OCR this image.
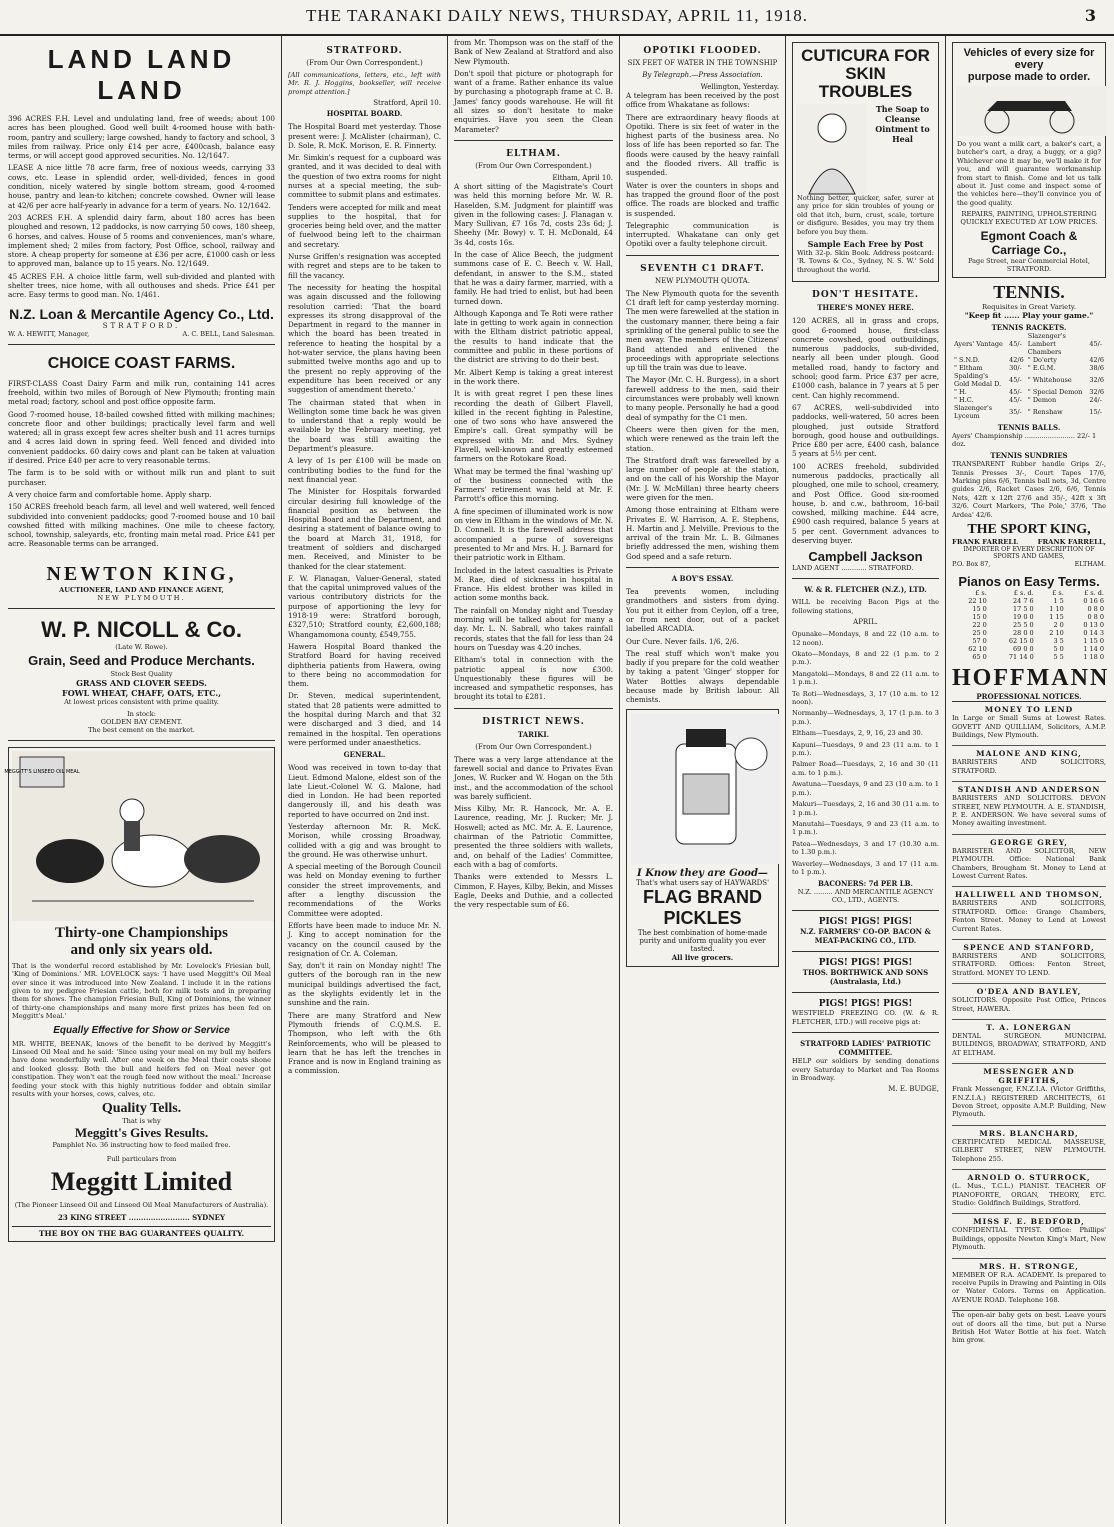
THE TARANAKI DAILY NEWS, THURSDAY, APRIL 11, 1918.	3
LAND LAND LAND

396 ACRES F.H. Level and undulating land, free of weeds; about 100 acres has been ploughed. Good well built 4-roomed house with bath-room, pantry and scullery; large cowshed, handy to factory and school, 3 miles from railway. Price only £14 per acre, £400cash, balance easy terms, or will accept good approved securities. No. 12/1647.

LEASE A nice little 78 acre farm, free of noxious weeds, carrying 33 cows, etc. Lease in splendid order, well-divided, fences in good condition, nicely watered by single bottom stream, good 4-roomed house, pantry and lean-to kitchen; concrete cowshed. Owner will lease at 42/6 per acre half-yearly in advance for a term of years. No. 12/1642.

203 ACRES F.H. A splendid dairy farm, about 180 acres has been ploughed and resown, 12 paddocks, is now carrying 50 cows, 180 sheep, 6 horses, and calves. House of 5 rooms and conveniences, man's whare, implement shed; 2 miles from factory, Post Office, school, railway and store. A cheap property for someone at £36 per acre, £1000 cash or less to approved man, balance up to 15 years. No. 12/1649.

45 ACRES F.H. A choice little farm, well sub-divided and planted with shelter trees, nice home, with all outhouses and sheds. Price £41 per acre. Easy terms to good man. No. 1/461.

N.Z. Loan & Mercantile Agency Co., Ltd.
STRATFORD.
W. A. HEWITT, Manager,	A. C. BELL, Land Salesman.
CHOICE COAST FARMS.

FIRST-CLASS Coast Dairy Farm and milk run, containing 141 acres freehold, within two miles of Borough of New Plymouth; fronting main metal road; factory, school and post office opposite farm.

Good 7-roomed house, 18-bailed cowshed fitted with milking machines; concrete floor and other buildings; practically level farm and well watered; all in grass except few acres shelter bush and 11 acres turnips and 4 acres laid down in spring feed. Well fenced and divided into convenient paddocks. 60 dairy cows and plant can be taken at valuation if desired. Price £40 per acre to very reasonable terms.

The farm is to be sold with or without milk run and plant to suit purchaser.

A very choice farm and comfortable home. Apply sharp.

150 ACRES freehold beach farm, all level and well watered, well fenced subdivided into convenient paddocks; good 7-roomed house and 10 bail cowshed fitted with milking machines. One mile to cheese factory, school, township, saleyards, etc, fronting main metal road. Price £41 per acre. Reasonable terms can be arranged.

NEWTON KING,
AUCTIONEER, LAND AND FINANCE AGENT,
NEW PLYMOUTH.
W. P. NICOLL & Co.
(Late W. Rowe).
Grain, Seed and Produce Merchants.
Stock Best Quality
GRASS AND CLOVER SEEDS.
FOWL WHEAT, CHAFF, OATS, ETC.,
At lowest prices consistent with prime quality.
In stock:
GOLDEN BAY CEMENT.
The best cement on the market.
MEGGITT'S LINSEED OIL MEAL
Thirty-one Championships
and only six years old.

That is the wonderful record established by Mr. Lovelock's Friesian bull, 'King of Dominions.' MR. LOVELOCK says: 'I have used Meggitt's Oil Meal ever since it was introduced into New Zealand. I include it in the rations given to my pedigree Friesian cattle, both for milk tests and in preparing them for shows. The champion Friesian Bull, King of Dominions, the winner of thirty-one championships and many more first prizes has been fed on Meggitt's Meal.'

Equally Effective for Show or Service

MR. WHITE, BEENAK, knows of the benefit to be derived by Meggitt's Linseed Oil Meal and he said: 'Since using your meal on my bull my heifers have done wonderfully well. After one week on the Meal their coats shone and looked glossy. Both the bull and heifers fed on Meal never got constipation. They won't eat the rough feed now without the meal.' Increase feeding your stock with this highly nutritious fodder and obtain similar results with your horses, cows, calves, etc.

Quality Tells.
That is why
Meggitt's Gives Results.
Pamphlet No. 36 instructing how to feed mailed free.
Full particulars from
Meggitt Limited
(The Pioneer Linseed Oil and Linseed Oil Meal Manufacturers of Australia).
23 KING STREET ......................... SYDNEY
THE BOY ON THE BAG GUARANTEES QUALITY.
STRATFORD.
(From Our Own Correspondent.)

[All communications, letters, etc., left with Mr. R. J. Hoggins, bookseller, will receive prompt attention.]

Stratford, April 10.
HOSPITAL BOARD.

The Hospital Board met yesterday. Those present were: J. McAlister (chairman), C. D. Sole, R. McK. Morison, E. R. Finnerty.

Mr. Simkin's request for a cupboard was granted, and it was decided to deal with the question of two extra rooms for night nurses at a special meeting, the sub-committee to submit plans and estimates.

Tenders were accepted for milk and meat supplies to the hospital, that for groceries being held over, and the matter of fuelwood being left to the chairman and secretary.

Nurse Griffen's resignation was accepted with regret and steps are to be taken to fill the vacancy.

The necessity for heating the hospital was again discussed and the following resolution carried: 'That the board expresses its strong disapproval of the Department in regard to the manner in which the board has been treated in reference to heating the hospital by a hot-water service, the plans having been submitted twelve months ago and up to the present no reply approving of the expenditure has been received or any suggestion of amendment thereto.'

The chairman stated that when in Wellington some time back he was given to understand that a reply would be available by the February meeting, yet the board was still awaiting the Department's pleasure.

A levy of 1s per £100 will be made on contributing bodies to the fund for the next financial year.

The Minister for Hospitals forwarded circular desiring full knowledge of the financial position as between the Hospital Board and the Department, and desiring a statement of balance owing to the board at March 31, 1918, for treatment of soldiers and discharged men. Received, and Minister to be thanked for the clear statement.

F. W. Flanagan, Valuer-General, stated that the capital unimproved values of the various contributory districts for the purpose of apportioning the levy for 1918-19 were: Stratford borough, £327,510; Stratford county, £2,600,188; Whangamomona county, £549,755.

Hawera Hospital Board thanked the Stratford Board for having received diphtheria patients from Hawera, owing to there being no accommodation for them.

Dr. Steven, medical superintendent, stated that 28 patients were admitted to the hospital during March and that 32 were discharged and 3 died, and 14 remained in the hospital. Ten operations were performed under anaesthetics.

GENERAL.

Wood was received in town to-day that Lieut. Edmond Malone, eldest son of the late Lieut.-Colonel W. G. Malone, had died in London. He had been reported dangerously ill, and his death was reported to have occurred on 2nd inst.

Yesterday afternoon Mr. R. McK. Morison, while crossing Broadway, collided with a gig and was brought to the ground. He was otherwise unhurt.

A special meeting of the Borough Council was held on Monday evening to further consider the street improvements, and after a lengthy discussion the recommendations of the Works Committee were adopted.

Efforts have been made to induce Mr. N. J. King to accept nomination for the vacancy on the council caused by the resignation of Cr. A. Coleman.

Say, don't it rain on Monday night! The gutters of the borough ran in the new municipal buildings advertised the fact, as the skylights evidently let in the sunshine and the rain.

There are many Stratford and New Plymouth friends of C.Q.M.S. E. Thompson, who left with the 6th Reinforcements, who will be pleased to learn that he has left the trenches in France and is now in England training as a commission.

from Mr. Thompson was on the staff of the Bank of New Zealand at Stratford and also New Plymouth.

Don't spoil that picture or photograph for want of a frame. Rather enhance its value by purchasing a photograph frame at C. B. James' fancy goods warehouse. He will fit all sizes so don't hesitate to make enquiries. Have you seen the Clean Marameter?

ELTHAM.
(From Our Own Correspondent.)
Eltham, April 10.

A short sitting of the Magistrate's Court was held this morning before Mr. W. R. Haselden, S.M. Judgment for plaintiff was given in the following cases: J. Flanagan v. Mary Sullivan, £7 16s 7d, costs 23s 6d; J. Sheehy (Mr. Bowy) v. T. H. McDonald, £4 3s 4d, costs 16s.

In the case of Alice Beech, the judgment summons case of E. C. Beech v. W. Hall, defendant, in answer to the S.M., stated that he was a dairy farmer, married, with a family. He had tried to enlist, but had been turned down.

Although Kaponga and Te Roti were rather late in getting to work again in connection with the Eltham district patriotic appeal, the results to hand indicate that the committee and public in these portions of the district are striving to do their best.

Mr. Albert Kemp is taking a great interest in the work there.

It is with great regret I pen these lines recording the death of Gilbert Flavell, killed in the recent fighting in Palestine, one of two sons who have answered the Empire's call. Great sympathy will be expressed with Mr. and Mrs. Sydney Flavell, well-known and greatly esteemed farmers on the Rotokare Road.

What may be termed the final 'washing up' of the business connected with the Farmers' retirement was held at Mr. F. Parrott's office this morning.

A fine specimen of illuminated work is now on view in Eltham in the windows of Mr. N. D. Connell. It is the farewell address that accompanied a purse of sovereigns presented to Mr and Mrs. H. J. Barnard for their patriotic work in Eltham.

Included in the latest casualties is Private M. Rae, died of sickness in hospital in France. His eldest brother was killed in action some months back.

The rainfall on Monday night and Tuesday morning will be talked about for many a day. Mr. L. N. Sabrall, who takes rainfall records, states that the fall for less than 24 hours on Tuesday was 4.20 inches.

Eltham's total in connection with the patriotic appeal is now £300. Unquestionably these figures will be increased and sympathetic responses, has brought its total to £281.

DISTRICT NEWS.
TARIKI.
(From Our Own Correspondent.)

There was a very large attendance at the farewell social and dance to Privates Evan Jones, W. Rucker and W. Hogan on the 5th inst., and the accommodation of the school was barely sufficient.

Miss Kilby, Mr. R. Hancock, Mr. A. E. Laurence, reading, Mr. J. Rucker; Mr. J. Hoswell; acted as MC. Mr. A. E. Laurence, chairman of the Patriotic Committee, presented the three soldiers with wallets, and, on behalf of the Ladies' Committee, each with a bag of comforts.

Thanks were extended to Messrs L. Cimmon, F. Hayes, Kilby, Bekin, and Misses Eagle, Deeks and Duthie, and a collected the very respectable sum of £6.

OPOTIKI FLOODED.
SIX FEET OF WATER IN THE TOWNSHIP
By Telegraph.—Press Association.
Wellington, Yesterday.

A telegram has been received by the post office from Whakatane as follows:

There are extraordinary heavy floods at Opotiki. There is six feet of water in the highest parts of the business area. No loss of life has been reported so far. The floods were caused by the heavy rainfall and the flooded rivers. All traffic is suspended.

Water is over the counters in shops and has trapped the ground floor of the post office. The roads are blocked and traffic is suspended.

Telegraphic communication is interrupted. Whakatane can only get Opotiki over a faulty telephone circuit.

SEVENTH C1 DRAFT.
NEW PLYMOUTH QUOTA.

The New Plymouth quota for the seventh C1 draft left for camp yesterday morning. The men were farewelled at the station in the customary manner, there being a fair sprinkling of the general public to see the men away. The members of the Citizens' Band attended and enlivened the proceedings with appropriate selections up till the train was due to leave.

The Mayor (Mr. C. H. Burgess), in a short farewell address to the men, said their circumstances were probably well known to many people. Personally he had a good deal of sympathy for the C1 men.

Cheers were then given for the men, which were renewed as the train left the station.

The Stratford draft was farewelled by a large number of people at the station, and on the call of his Worship the Mayor (Mr. J. W. McMillan) three hearty cheers were given for the men.

Among those entraining at Eltham were Privates E. W. Harrison, A. E. Stephens, H. Martin and J. Melville. Previous to the arrival of the train Mr. L. B. Gilmanes briefly addressed the men, wishing them God speed and a safe return.

A BOY'S ESSAY.

Tea prevents women, including grandmothers and sisters from dying. You put it either from Ceylon, off a tree, or from next door, out of a packet labelled ARCADIA.

Our Cure. Never fails. 1/6, 2/6.

The real stuff which won't make you badly if you prepare for the cold weather by taking a patent 'Ginger' stopper for Water Bottles always dependable because made by British labour. All chemists.

I Know they are Good—
That's what users say of HAYWARDS'
FLAG BRAND
PICKLES
The best combination of home-made purity and uniform quality you ever tasted.
All live grocers.
CUTICURA FOR
SKIN TROUBLES
The Soap to Cleanse Ointment to Heal

Nothing better, quicker, safer, surer at any price for skin troubles of young or old that itch, burn, crust, scale, torture or disfigure. Besides, you may try them before you buy them.

Sample Each Free by Post

With 32-p. Skin Book. Address postcard: 'R. Towns & Co., Sydney, N. S. W.' Sold throughout the world.

DON'T HESITATE.
THERE'S MONEY HERE.

120 ACRES, all in grass and crops, good 6-roomed house, first-class concrete cowshed, good outbuildings, numerous paddocks, sub-divided, nearly all been under plough. Good metalled road, handy to factory and school; good farm. Price £37 per acre, £1000 cash, balance in 7 years at 5 per cent. Can highly recommend.

67 ACRES, well-subdivided into paddocks, well-watered, 50 acres been ploughed, just outside Stratford borough, good house and outbuildings. Price £80 per acre, £400 cash, balance 5 years at 5½ per cent.

100 ACRES freehold, subdivided numerous paddocks, practically all ploughed, one mile to school, creamery, and Post Office. Good six-roomed house, b. and c.w., bathroom, 16-bail cowshed, milking machine. £44 acre, £900 cash required, balance 5 years at 5 per cent. Government advances to deserving buyer.

Campbell Jackson
LAND AGENT ............ STRATFORD.
W. & R. FLETCHER (N.Z.), LTD.

WILL be receiving Bacon Pigs at the following stations,

APRIL.

Opunake—Mondays, 8 and 22 (10 a.m. to 12 noon).

Okato—Mondays, 8 and 22 (1 p.m. to 2 p.m.).

Mangatoki—Mondays, 8 and 22 (11 a.m. to 1 p.m.).

Te Roti—Wednesdays, 3, 17 (10 a.m. to 12 noon).

Normanby—Wednesdays, 3, 17 (1 p.m. to 3 p.m.).

Eltham—Tuesdays, 2, 9, 16, 23 and 30.

Kapuni—Tuesdays, 9 and 23 (11 a.m. to 1 p.m.).

Palmer Road—Tuesdays, 2, 16 and 30 (11 a.m. to 1 p.m.).

Awatuna—Tuesdays, 9 and 23 (10 a.m. to 1 p.m.).

Makuri—Tuesdays, 2, 16 and 30 (11 a.m. to 1 p.m.).

Manutahi—Tuesdays, 9 and 23 (11 a.m. to 1 p.m.).

Patea—Wednesdays, 3 and 17 (10.30 a.m. to 1.30 p.m.).

Waverley—Wednesdays, 3 and 17 (11 a.m. to 1 p.m.).

BACONERS: 7d PER LB.
N.Z. ......... AND MERCANTILE AGENCY CO., LTD., AGENTS.
PIGS! PIGS! PIGS!
N.Z. FARMERS' CO-OP. BACON & MEAT-PACKING CO., LTD.
PIGS! PIGS! PIGS!
THOS. BORTHWICK AND SONS (Australasia, Ltd.)
PIGS! PIGS! PIGS!

WESTFIELD FREEZING CO. (W. & R. FLETCHER, LTD.) will receive pigs at:

STRATFORD LADIES' PATRIOTIC COMMITTEE.

HELP our soldiers by sending donations every Saturday to Market and Tea Rooms in Broadway.

M. E. BUDGE,
Vehicles of every size for every
purpose made to order.

Do you want a milk cart, a baker's cart, a butcher's cart, a dray, a buggy, or a gig? Whichever one it may be, we'll make it for you, and will guarantee workmanship from start to finish. Come and let us talk about it. Just come and inspect some of the vehicles here—they'll convince you of the good quality.

REPAIRS, PAINTING, UPHOLSTERING QUICKLY EXECUTED AT LOW PRICES.
Egmont Coach & Carriage Co.,
Page Street, near Commercial Hotel, STRATFORD.
TENNIS.
Requisites in Great Variety.
"Keep fit ...... Play your game."
TENNIS RACKETS.
Ayers' Vantage	45/-	Slazenger's Lambert Chambers	45/-
" S.N.D.	42/6	" Do'erty	42/6
" Eltham	30/-	" E.G.M.	38/6
Spalding's Gold Medal D.	45/-	" Whitehouse	32/6
" H.	45/-	" Special Demon	32/6
" H.C.	45/-	" Demon	24/-
Slazenger's Lyceum	35/-	" Renshaw	15/-
TENNIS BALLS.
Ayers' Championship ........................ 22/- 1 doz.
TENNIS SUNDRIES

TRANSPARENT Rubber handle Grips 2/-, Tennis Presses 3/-, Court Tapes 17/6, Marking pins 6/6, Tennis ball nets, 3d, Centre guides 2/6, Racket Cases 2/6, 6/6, Tennis Nets, 42ft x 12ft 27/6 and 35/-, 42ft x 3ft 32/6. Court Markers, 'The Pole,' 37/6, 'The Ardea' 42/6.

THE SPORT KING,
FRANK FARRELL	FRANK FARRELL,
IMPORTER OF EVERY DESCRIPTION OF SPORTS AND GAMES,
P.O. Box 87,	ELTHAM.
Pianos on Easy Terms.
£ s.	£ s. d.	£ s.	£ s. d.
22 10	24 7 6	1 5	0 16 6
15 0	17 5 0	1 10	0 8 0
15 0	19 0 0	1 15	0 8 0
22 0	25 5 0	2 0	0 13 0
25 0	28 0 0	2 10	0 14 3
57 0	62 15 0	3 5	1 15 0
62 10	69 0 0	5 0	1 14 0
65 0	71 14 0	5 5	1 18 0
HOFFMANN
PROFESSIONAL NOTICES.
MONEY TO LEND

In Large or Small Sums at Lowest Rates. GOVETT AND QUILLIAM, Solicitors, A.M.P. Buildings, New Plymouth.

MALONE AND KING,

BARRISTERS AND SOLICITORS, STRATFORD.

STANDISH AND ANDERSON

BARRISTERS AND SOLICITORS. DEVON STREET, NEW PLYMOUTH. A. E. STANDISH, P. E. ANDERSON. We have several sums of Money awaiting investment.

GEORGE GREY,

BARRISTER AND SOLICITOR, NEW PLYMOUTH. Office: National Bank Chambers, Brougham St. Money to Lend at Lowest Current Rates.

HALLIWELL AND THOMSON,

BARRISTERS AND SOLICITORS, STRATFORD. Office: Grange Chambers, Fenton Street. Money to Lend at Lowest Current Rates.

SPENCE AND STANFORD,

BARRISTERS AND SOLICITORS, STRATFORD. Offices: Fenton Street, Stratford. MONEY TO LEND.

O'DEA AND BAYLEY,

SOLICITORS. Opposite Post Office, Princes Street, HAWERA.

T. A. LONERGAN

DENTAL SURGEON. MUNICIPAL BUILDINGS, BROADWAY, STRATFORD, AND AT ELTHAM.

MESSENGER AND GRIFFITHS,

Frank Messenger, F.N.Z.I.A. (Victor Griffiths, F.N.Z.I.A.) REGISTERED ARCHITECTS, 61 Devon Street, opposite A.M.P. Building, New Plymouth.

MRS. BLANCHARD,

CERTIFICATED MEDICAL MASSEUSE, GILBERT STREET, NEW PLYMOUTH. Telephone 255.

ARNOLD O. STURROCK,

(L. Mus., T.C.L.) PIANIST. TEACHER OF PIANOFORTE, ORGAN, THEORY, ETC. Studio: Goldfinch Buildings, Stratford.

MISS F. E. BEDFORD,

CONFIDENTIAL TYPIST. Office: Phillips' Buildings, opposite Newton King's Mart, New Plymouth.

MRS. H. STRONGE,

MEMBER OF R.A. ACADEMY. Is prepared to receive Pupils in Drawing and Painting in Oils or Water Colors. Terms on Application. AVENUE ROAD. Telephone 168.

The open-air baby gets on best. Leave yours out of doors all the time, but put a Nurse British Hot Water Bottle at his feet. Watch him grow.
